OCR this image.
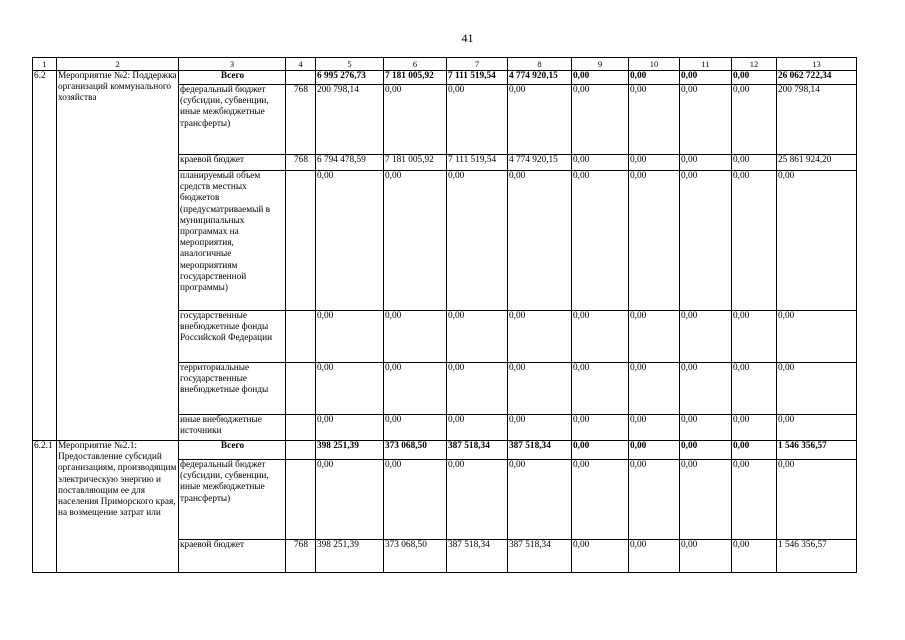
41
1	2	3	4	5	6	7	8	9	10	11	12	13
6.2	Мероприятие №2: Поддержка организаций коммунального хозяйства	Всего		6 995 276,73	7 181 005,92	7 111 519,54	4 774 920,15	0,00	0,00	0,00	0,00	26 062 722,34
		федеральный бюджет (субсидии, субвенции, иные межбюджетные трансферты)	768	200 798,14	0,00	0,00	0,00	0,00	0,00	0,00	0,00	200 798,14
		краевой бюджет	768	6 794 478,59	7 181 005,92	7 111 519,54	4 774 920,15	0,00	0,00	0,00	0,00	25 861 924,20
		планируемый объем средств местных бюджетов (предусматриваемый в муниципальных программах на мероприятия, аналогичные мероприятиям государственной программы)		0,00	0,00	0,00	0,00	0,00	0,00	0,00	0,00	0,00
		государственные внебюджетные фонды Российской Федерации		0,00	0,00	0,00	0,00	0,00	0,00	0,00	0,00	0,00
		территориальные государственные внебюджетные фонды		0,00	0,00	0,00	0,00	0,00	0,00	0,00	0,00	0,00
		иные внебюджетные источники		0,00	0,00	0,00	0,00	0,00	0,00	0,00	0,00	0,00
6.2.1	Мероприятие №2.1: Предоставление субсидий организациям, производящим электрическую энергию и поставляющим ее для населения Приморского края, на возмещение затрат или	Всего		398 251,39	373 068,50	387 518,34	387 518,34	0,00	0,00	0,00	0,00	1 546 356,57
		федеральный бюджет (субсидии, субвенции, иные межбюджетные трансферты)		0,00	0,00	0,00	0,00	0,00	0,00	0,00	0,00	0,00
		краевой бюджет	768	398 251,39	373 068,50	387 518,34	387 518,34	0,00	0,00	0,00	0,00	1 546 356,57
